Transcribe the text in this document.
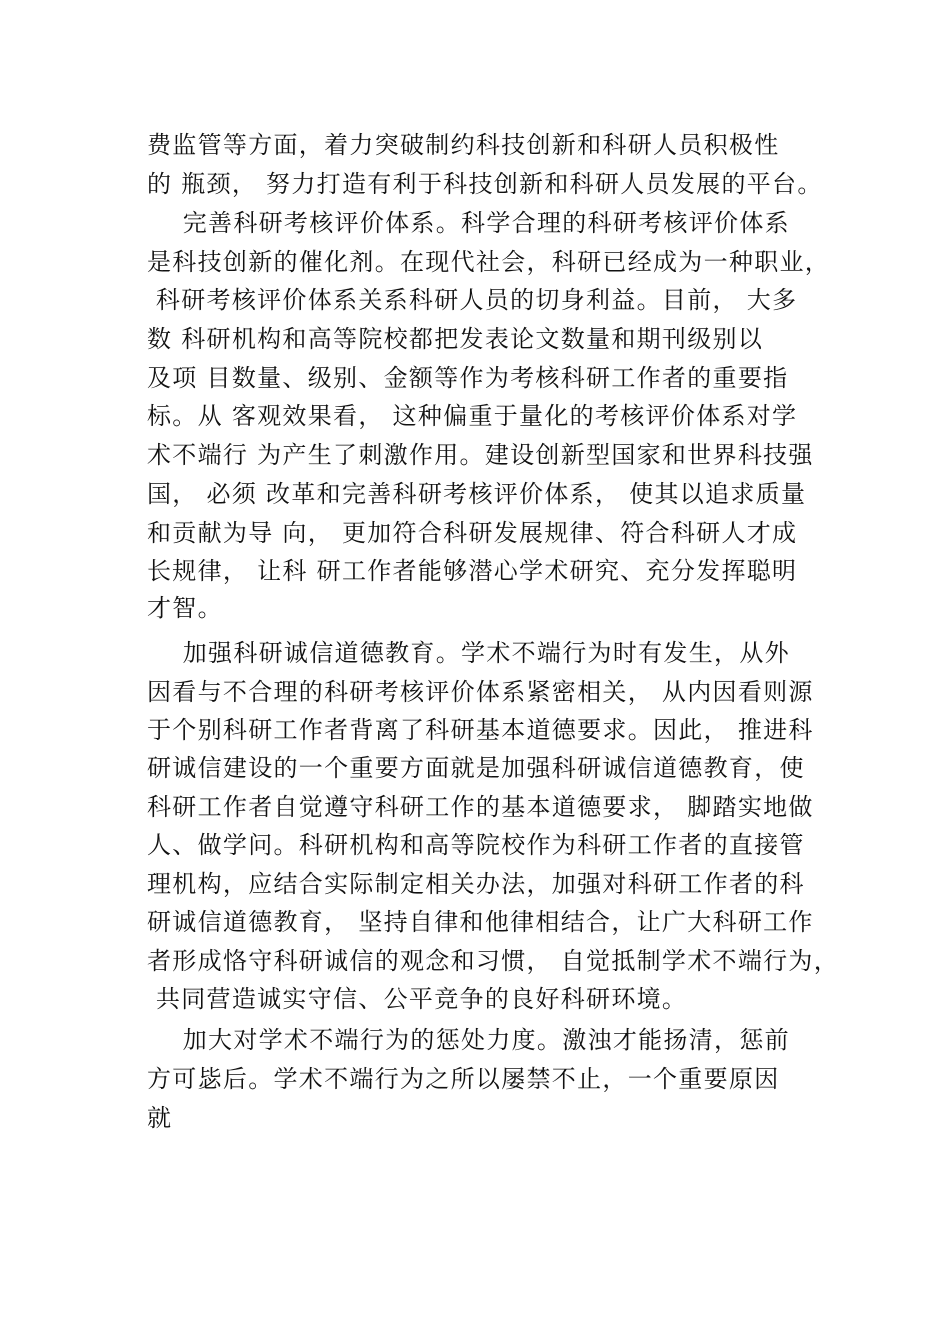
费监管等方面，着力突破制约科技创新和科研人员积极性
的 瓶颈， 努力打造有利于科技创新和科研人员发展的平台。
完善科研考核评价体系。科学合理的科研考核评价体系
是科技创新的催化剂。在现代社会，科研已经成为一种职业，
科研考核评价体系关系科研人员的切身利益。目前， 大多
数 科研机构和高等院校都把发表论文数量和期刊级别以
及项 目数量、级别、金额等作为考核科研工作者的重要指
标。从 客观效果看， 这种偏重于量化的考核评价体系对学
术不端行 为产生了刺激作用。建设创新型国家和世界科技强
国， 必须 改革和完善科研考核评价体系， 使其以追求质量
和贡献为导 向， 更加符合科研发展规律、符合科研人才成
长规律， 让科 研工作者能够潜心学术研究、充分发挥聪明
才智。
加强科研诚信道德教育。学术不端行为时有发生，从外
因看与不合理的科研考核评价体系紧密相关， 从内因看则源
于个别科研工作者背离了科研基本道德要求。因此， 推进科
研诚信建设的一个重要方面就是加强科研诚信道德教育，使
科研工作者自觉遵守科研工作的基本道德要求， 脚踏实地做
人、做学问。科研机构和高等院校作为科研工作者的直接管
理机构，应结合实际制定相关办法，加强对科研工作者的科
研诚信道德教育， 坚持自律和他律相结合，让广大科研工作
者形成恪守科研诚信的观念和习惯， 自觉抵制学术不端行为，
共同营造诚实守信、公平竞争的良好科研环境。
加大对学术不端行为的惩处力度。激浊才能扬清，惩前
方可毖后。学术不端行为之所以屡禁不止，一个重要原因
就
